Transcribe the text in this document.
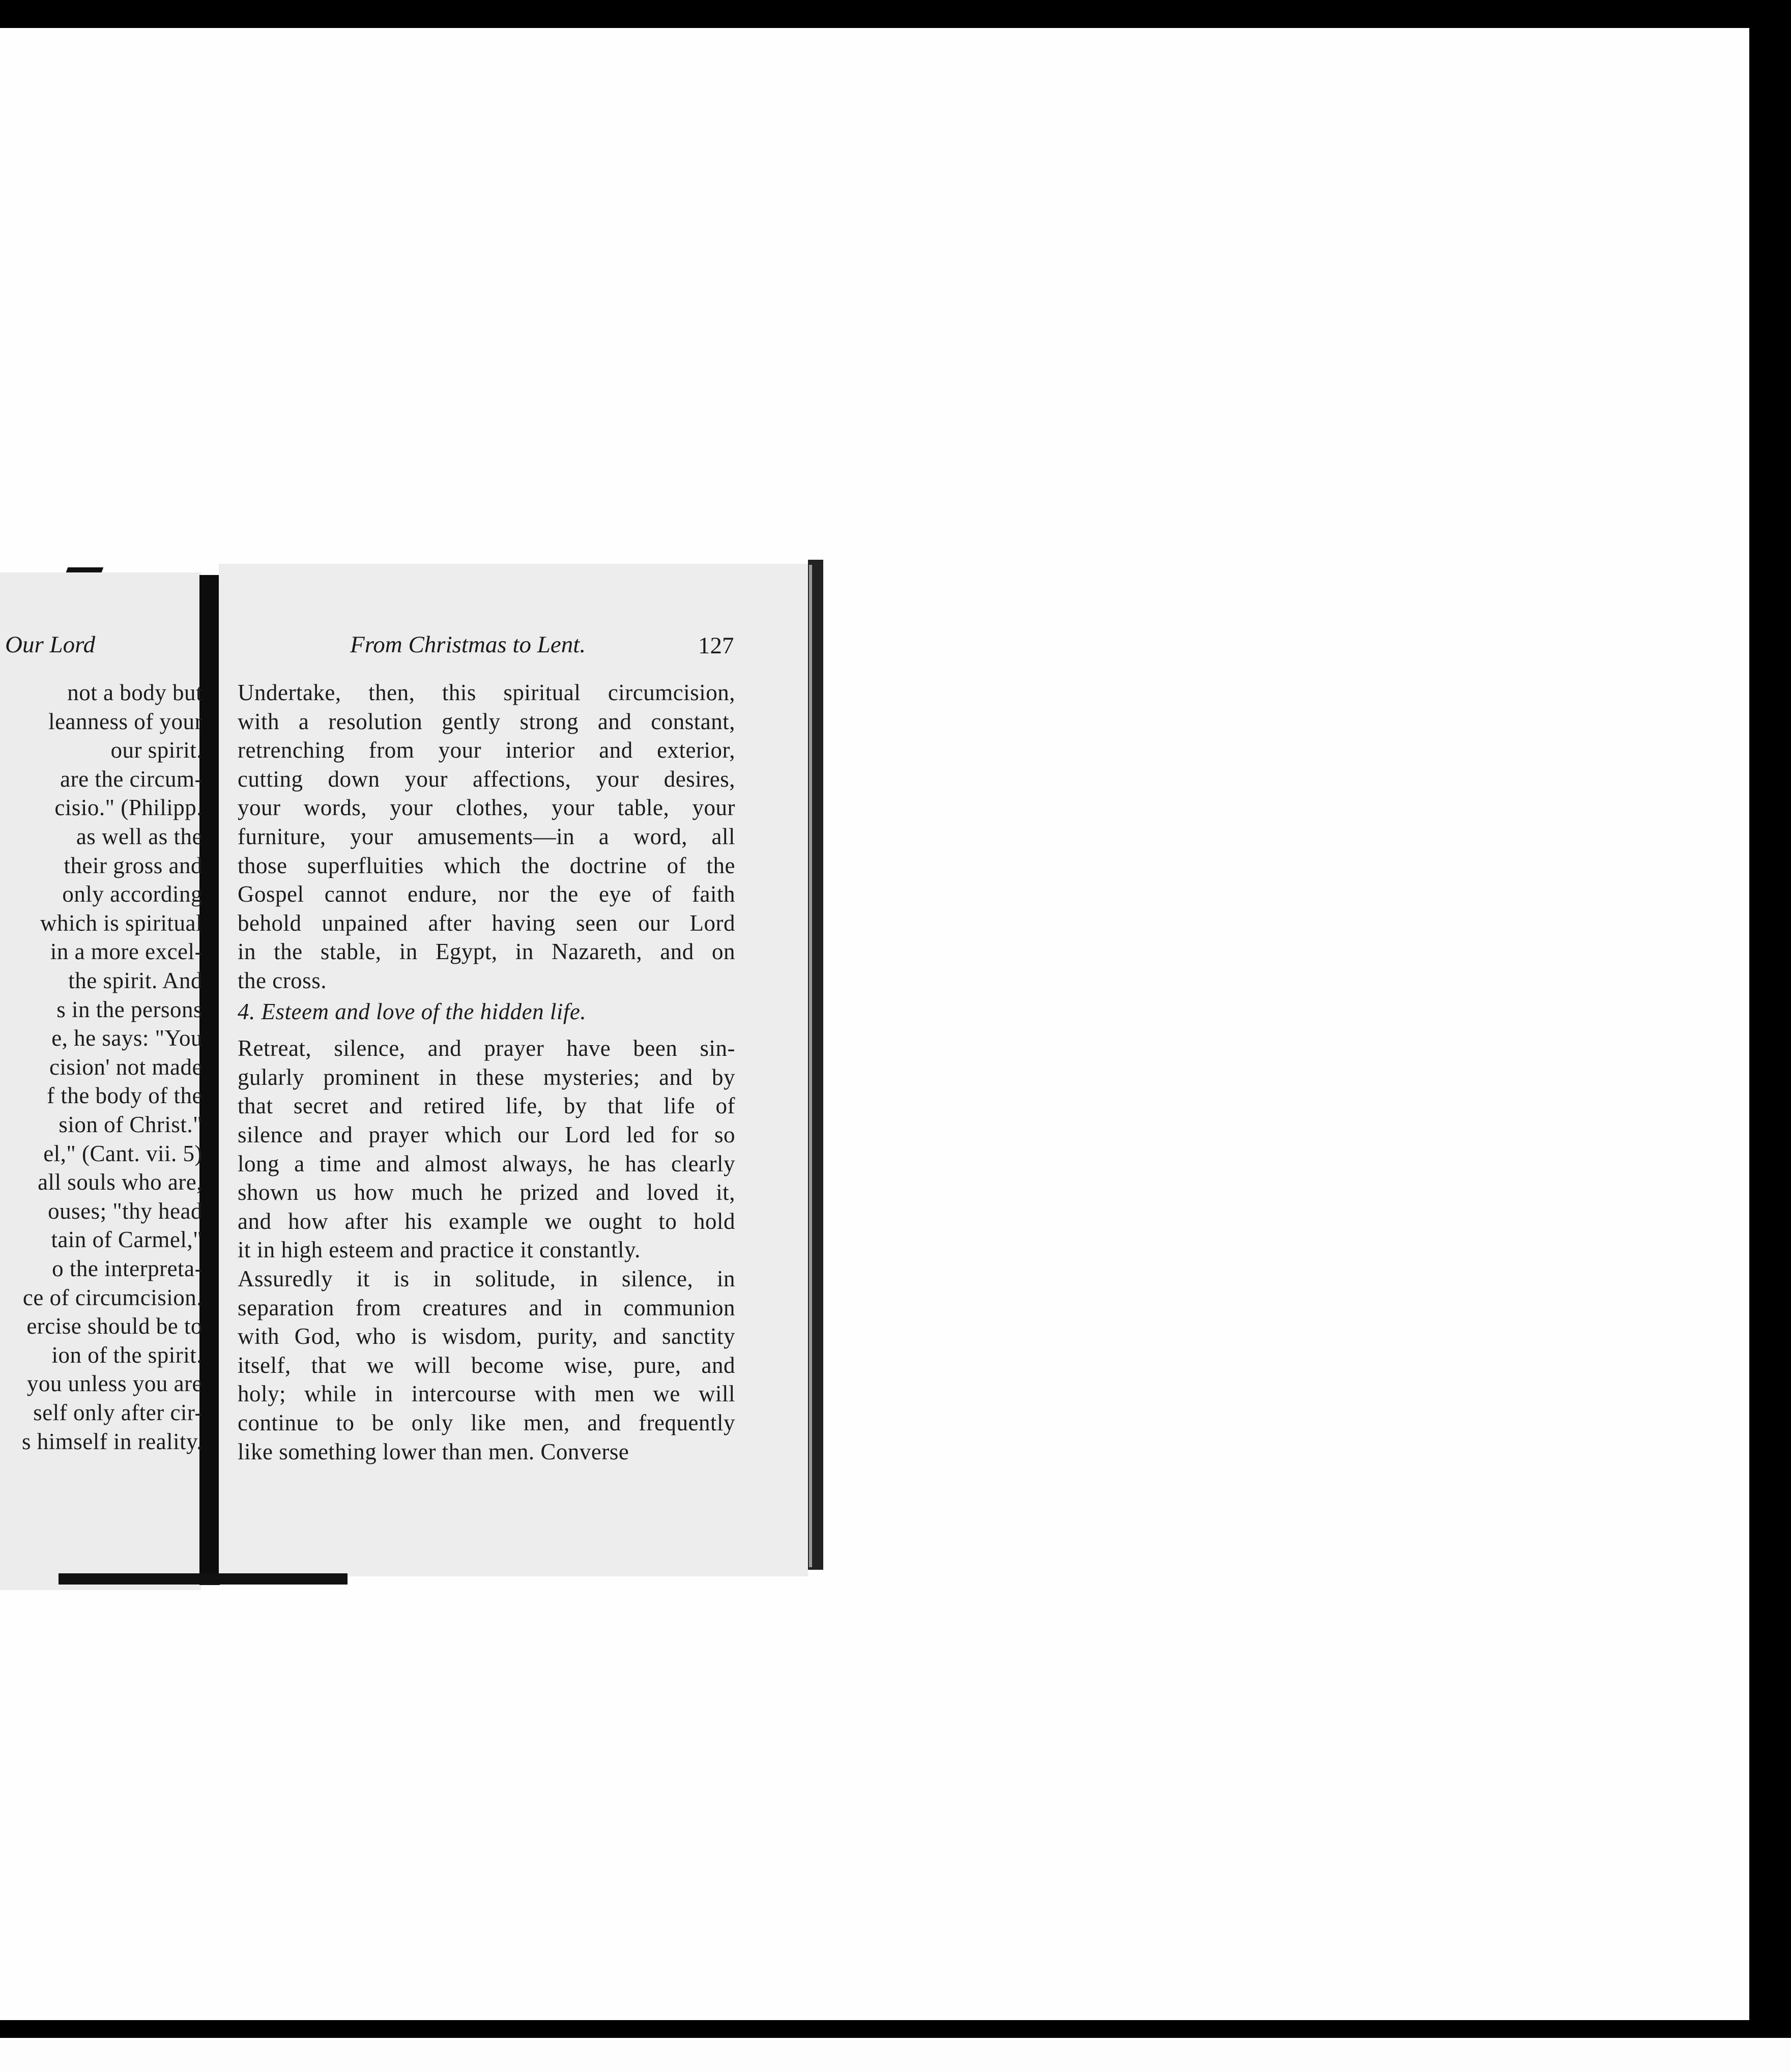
Our Lord
not a body but
leanness of your
our spirit.
are the circum-
cisio." (Philipp.
as well as the
their gross and
only according
which is spiritual
in a more excel-
the spirit. And
s in the persons
e, he says: "You
cision' not made
f the body of the
sion of Christ."
el," (Cant. vii. 5)
all souls who are,
ouses; "thy head
tain of Carmel,"
o the interpreta-
ce of circumcision.
ercise should be to
ion of the spirit.
you unless you are
self only after cir-
s himself in reality.
From Christmas to Lent.	127
Undertake, then, this spiritual circumcision,
with a resolution gently strong and constant,
retrenching from your interior and exterior,
cutting down your affections, your desires,
your words, your clothes, your table, your
furniture, your amusements—in a word, all
those superfluities which the doctrine of the
Gospel cannot endure, nor the eye of faith
behold unpained after having seen our Lord
in the stable, in Egypt, in Nazareth, and on
the cross.
4. Esteem and love of the hidden life.
Retreat, silence, and prayer have been sin-
gularly prominent in these mysteries; and by
that secret and retired life, by that life of
silence and prayer which our Lord led for so
long a time and almost always, he has clearly
shown us how much he prized and loved it,
and how after his example we ought to hold
it in high esteem and practice it constantly.
Assuredly it is in solitude, in silence, in
separation from creatures and in communion
with God, who is wisdom, purity, and sanctity
itself, that we will become wise, pure, and
holy; while in intercourse with men we will
continue to be only like men, and frequently
like something lower than men. Converse
